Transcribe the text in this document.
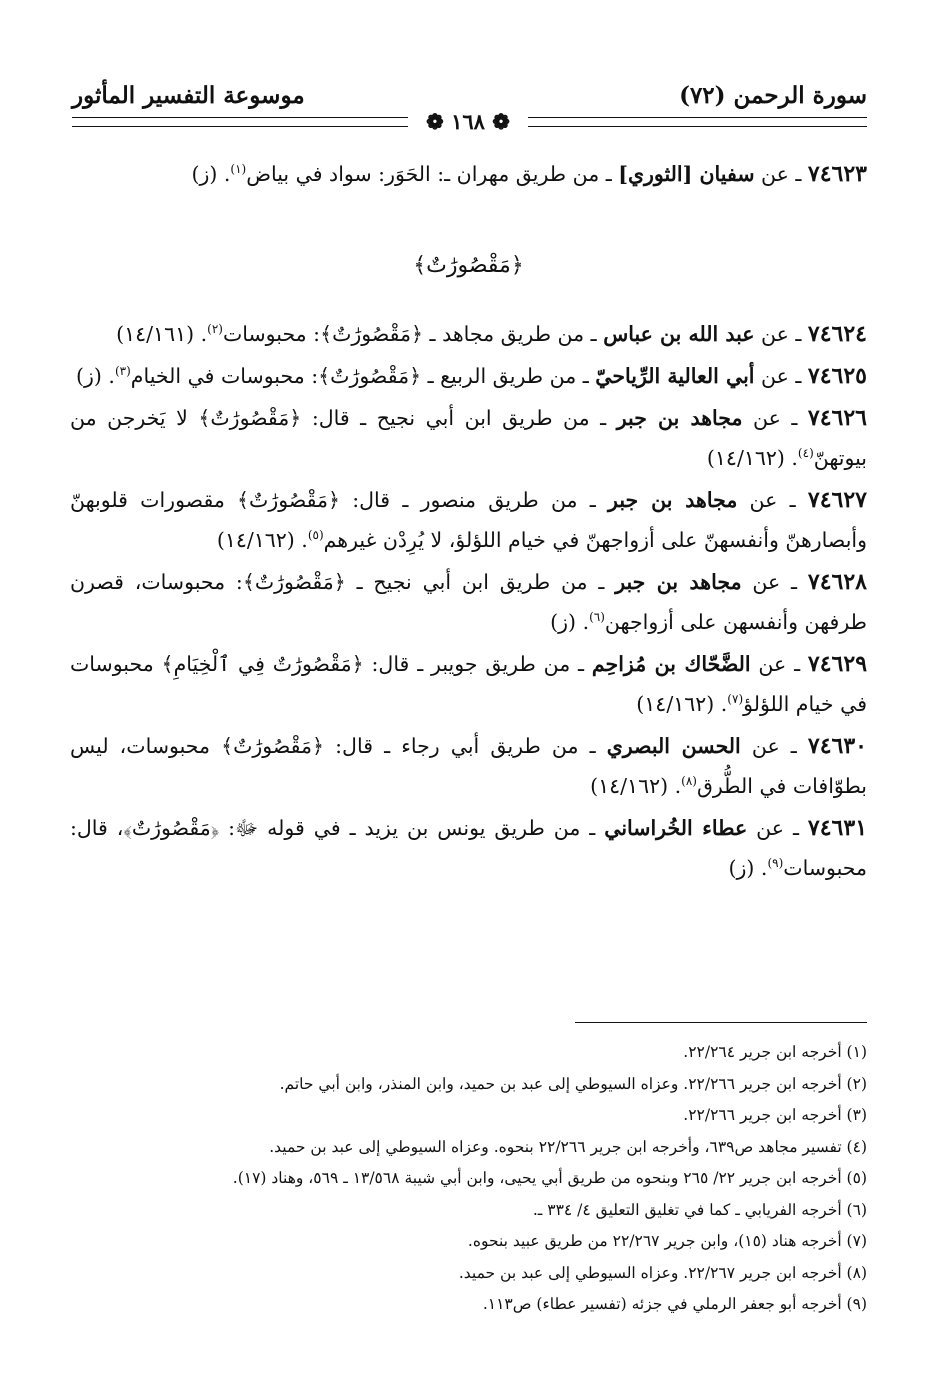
سورة الرحمن (٧٢)
موسوعة التفسير المأثور
❁ ١٦٨ ❁

٧٤٦٢٣ ـ عن سفيان [الثوري] ـ من طريق مهران ـ: الحَوَر: سواد في بياض$^{(١)}$. (ز)

﴿مَقْصُورَٰتٌ﴾

٧٤٦٢٤ ـ عن عبد الله بن عباس ـ من طريق مجاهد ـ ﴿مَقْصُورَٰتٌ﴾: محبوسات$^{(٢)}$. (١٤/١٦١)

٧٤٦٢٥ ـ عن أبي العالية الرِّياحيّ ـ من طريق الربيع ـ ﴿مَقْصُورَٰتٌ﴾: محبوسات في الخيام$^{(٣)}$. (ز)

٧٤٦٢٦ ـ عن مجاهد بن جبر ـ من طريق ابن أبي نجيح ـ قال: ﴿مَقْصُورَٰتٌ﴾ لا يَخرجن من بيوتهنّ$^{(٤)}$. (١٤/١٦٢)

٧٤٦٢٧ ـ عن مجاهد بن جبر ـ من طريق منصور ـ قال: ﴿مَقْصُورَٰتٌ﴾ مقصورات قلوبهنّ وأبصارهنّ وأنفسهنّ على أزواجهنّ في خيام اللؤلؤ، لا يُرِدْن غيرهم$^{(٥)}$. (١٤/١٦٢)

٧٤٦٢٨ ـ عن مجاهد بن جبر ـ من طريق ابن أبي نجيح ـ ﴿مَقْصُورَٰتٌ﴾: محبوسات، قصرن طرفهن وأنفسهن على أزواجهن$^{(٦)}$. (ز)

٧٤٦٢٩ ـ عن الضَّحّاك بن مُزاحِم ـ من طريق جويبر ـ قال: ﴿مَقْصُورَٰتٌ فِي ٱلْخِيَامِ﴾ محبوسات في خيام اللؤلؤ$^{(٧)}$. (١٤/١٦٢)

٧٤٦٣٠ ـ عن الحسن البصري ـ من طريق أبي رجاء ـ قال: ﴿مَقْصُورَٰتٌ﴾ محبوسات، ليس بطوّافات في الطُّرق$^{(٨)}$. (١٤/١٦٢)

٧٤٦٣١ ـ عن عطاء الخُراساني ـ من طريق يونس بن يزيد ـ في قوله ﷻ: ﴿مَقْصُورَٰتٌ﴾، قال: محبوسات$^{(٩)}$. (ز)

(١) أخرجه ابن جرير ٢٢/٢٦٤.
(٢) أخرجه ابن جرير ٢٢/٢٦٦. وعزاه السيوطي إلى عبد بن حميد، وابن المنذر، وابن أبي حاتم.
(٣) أخرجه ابن جرير ٢٢/٢٦٦.
(٤) تفسير مجاهد ص٦٣٩، وأخرجه ابن جرير ٢٢/٢٦٦ بنحوه. وعزاه السيوطي إلى عبد بن حميد.
(٥) أخرجه ابن جرير ٢٢/ ٢٦٥ وبنحوه من طريق أبي يحيى، وابن أبي شيبة ١٣/٥٦٨ ـ ٥٦٩، وهناد (١٧).
(٦) أخرجه الفريابي ـ كما في تغليق التعليق ٤/ ٣٣٤ ـ.
(٧) أخرجه هناد (١٥)، وابن جرير ٢٢/٢٦٧ من طريق عبيد بنحوه.
(٨) أخرجه ابن جرير ٢٢/٢٦٧. وعزاه السيوطي إلى عبد بن حميد.
(٩) أخرجه أبو جعفر الرملي في جزئه (تفسير عطاء) ص١١٣.
